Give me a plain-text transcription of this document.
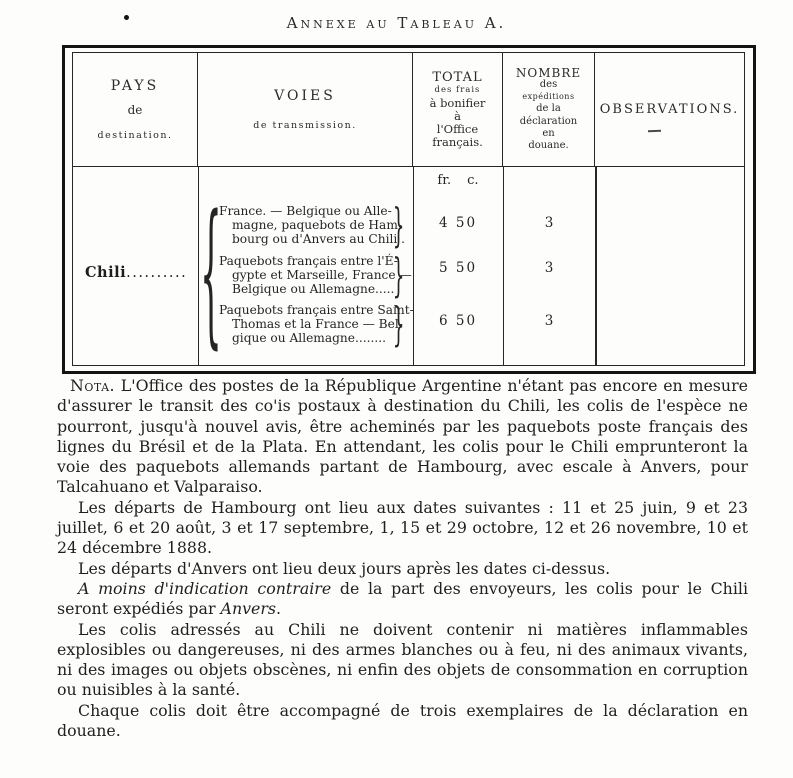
Annexe au Tableau A.
PAYS
de
destination.
VOIES
de transmission.
TOTAL
des frais
à bonifier
à
l'Office
français.
NOMBRE
des
expéditions
de la
déclaration
en
douane.
OBSERVATIONS.
Chili.......... {
France. — Belgique ou Alle-
magne, paquebots de Ham-
bourg ou d'Anvers au Chili .
}
Paquebots français entre l'É-
gypte et Marseille, France —
Belgique ou Allemagne.....
}
Paquebots français entre Saint-
Thomas et la France — Bel-
gique ou Allemagne........ }
fr. c.
4 50
5 50
6 50
3
3
3

Nota. L'Office des postes de la République Argentine n'étant pas encore en mesure d'assurer le transit des co'is postaux à destination du Chili, les colis de l'espèce ne pourront, jusqu'à nouvel avis, être acheminés par les paquebots poste français des lignes du Brésil et de la Plata. En attendant, les colis pour le Chili emprunteront la voie des paquebots allemands partant de Hambourg, avec escale à Anvers, pour Talcahuano et Valparaiso.

Les départs de Hambourg ont lieu aux dates suivantes : 11 et 25 juin, 9 et 23 juillet, 6 et 20 août, 3 et 17 septembre, 1, 15 et 29 octobre, 12 et 26 novembre, 10 et 24 décembre 1888.

Les départs d'Anvers ont lieu deux jours après les dates ci-dessus.

A moins d'indication contraire de la part des envoyeurs, les colis pour le Chili seront expédiés par Anvers.

Les colis adressés au Chili ne doivent contenir ni matières inflammables explosibles ou dangereuses, ni des armes blanches ou à feu, ni des animaux vivants, ni des images ou objets obscènes, ni enfin des objets de consommation en corruption ou nuisibles à la santé.

Chaque colis doit être accompagné de trois exemplaires de la déclaration en douane.
